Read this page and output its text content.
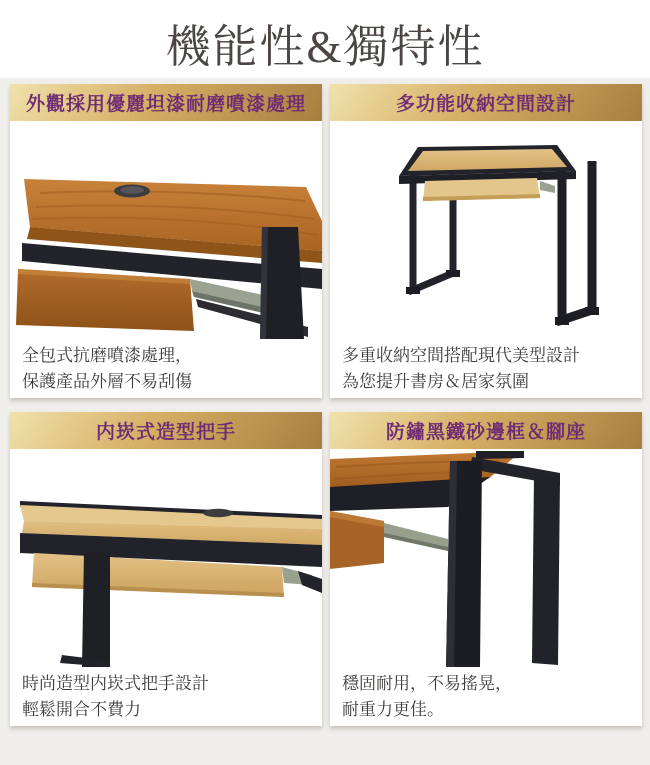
機能性&獨特性
外觀採用優麗坦漆耐磨噴漆處理

全包式抗磨噴漆處理，
保護產品外層不易刮傷

多功能收納空間設計

多重收納空間搭配現代美型設計
為您提升書房＆居家氛圍

内崁式造型把手

時尚造型内崁式把手設計
輕鬆開合不費力

防鏽黑鐵砂邊框＆腳座

穩固耐用，不易搖晃，
耐重力更佳。
